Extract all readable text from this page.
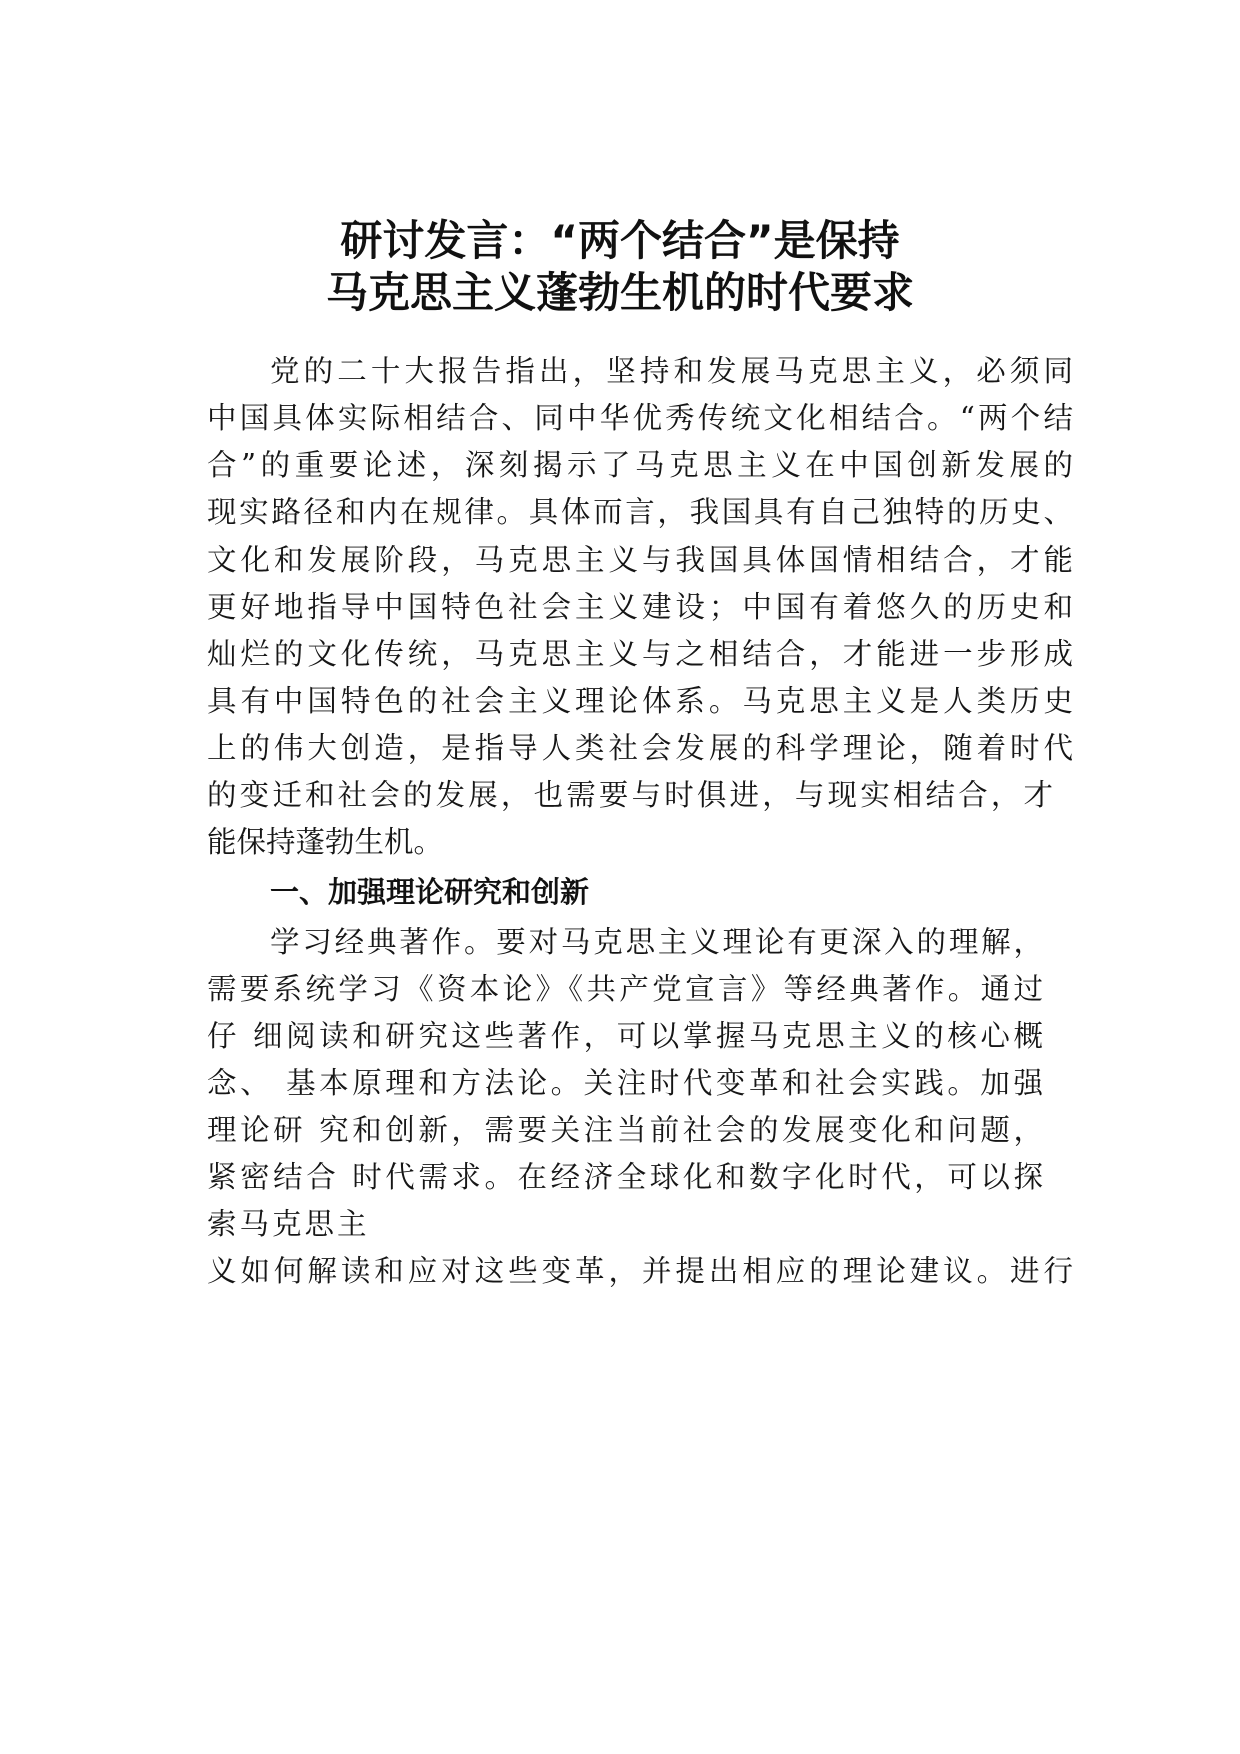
研讨发言：“两个结合”是保持
马克思主义蓬勃生机的时代要求
党的二十大报告指出，坚持和发展马克思主义，必须同
中国具体实际相结合、同中华优秀传统文化相结合。“两个结
合”的重要论述，深刻揭示了马克思主义在中国创新发展的
现实路径和内在规律。具体而言，我国具有自己独特的历史、
文化和发展阶段，马克思主义与我国具体国情相结合，才能
更好地指导中国特色社会主义建设；中国有着悠久的历史和
灿烂的文化传统，马克思主义与之相结合，才能进一步形成
具有中国特色的社会主义理论体系。马克思主义是人类历史
上的伟大创造，是指导人类社会发展的科学理论，随着时代
的变迁和社会的发展，也需要与时俱进，与现实相结合，才
能保持蓬勃生机。
一、加强理论研究和创新
学习经典著作。要对马克思主义理论有更深入的理解，
需要系统学习《资本论》《共产党宣言》等经典著作。通过
仔 细阅读和研究这些著作，可以掌握马克思主义的核心概
念、 基本原理和方法论。关注时代变革和社会实践。加强
理论研 究和创新，需要关注当前社会的发展变化和问题，
紧密结合 时代需求。在经济全球化和数字化时代，可以探
索马克思主
义如何解读和应对这些变革，并提出相应的理论建议。进行
